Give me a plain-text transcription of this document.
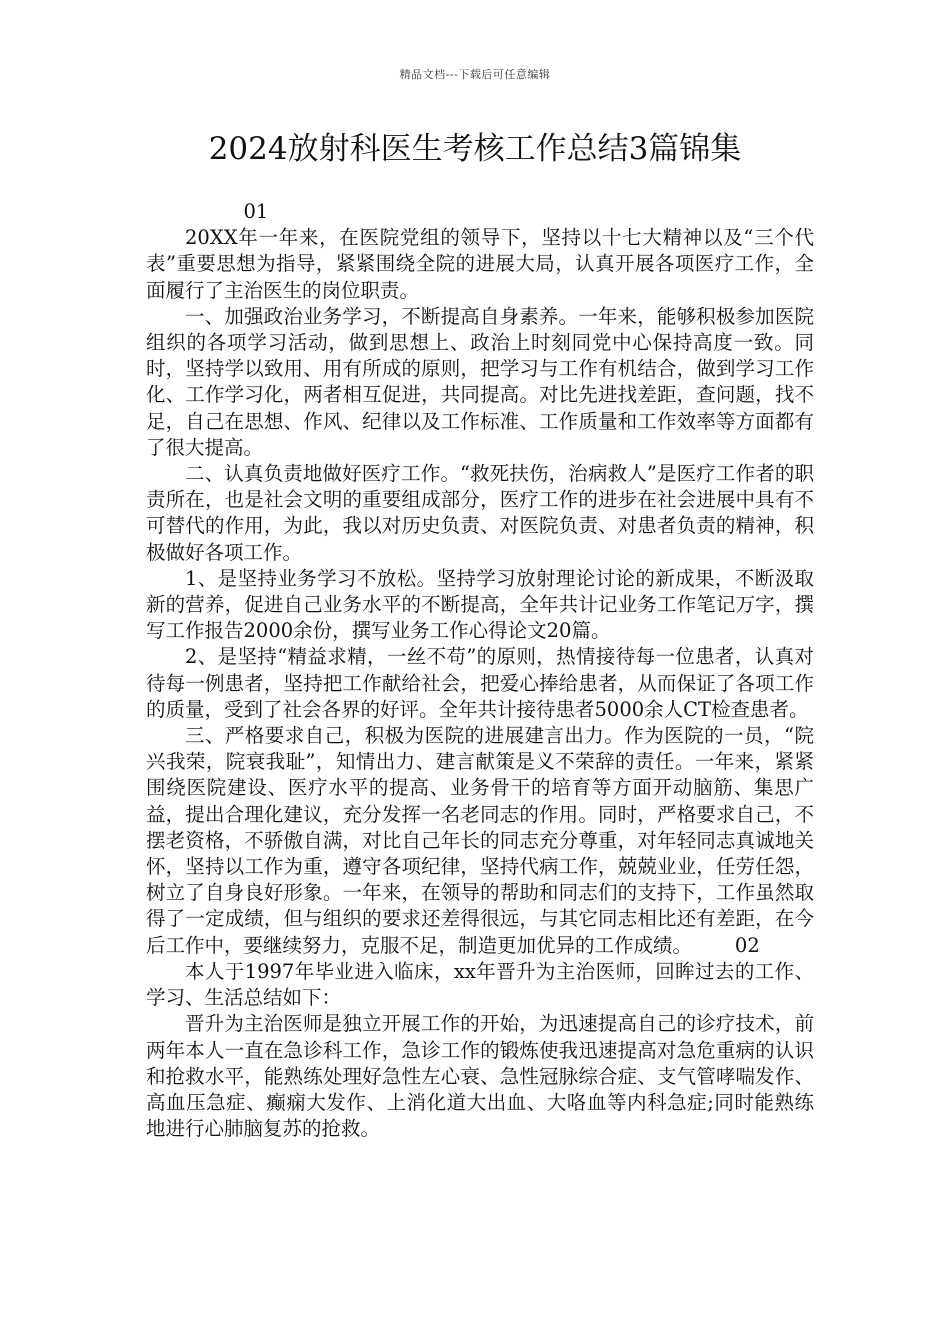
精品文档---下载后可任意编辑
2024放射科医生考核工作总结3篇锦集

01

20XX年一年来，在医院党组的领导下，坚持以十七大精神以及“三个代表”重要思想为指导，紧紧围绕全院的进展大局，认真开展各项医疗工作，全面履行了主治医生的岗位职责。

一、加强政治业务学习，不断提高自身素养。一年来，能够积极参加医院组织的各项学习活动，做到思想上、政治上时刻同党中心保持高度一致。同时，坚持学以致用、用有所成的原则，把学习与工作有机结合，做到学习工作化、工作学习化，两者相互促进，共同提高。对比先进找差距，查问题，找不足，自己在思想、作风、纪律以及工作标准、工作质量和工作效率等方面都有了很大提高。

二、认真负责地做好医疗工作。“救死扶伤，治病救人”是医疗工作者的职责所在，也是社会文明的重要组成部分，医疗工作的进步在社会进展中具有不可替代的作用，为此，我以对历史负责、对医院负责、对患者负责的精神，积极做好各项工作。

1、是坚持业务学习不放松。坚持学习放射理论讨论的新成果，不断汲取新的营养，促进自己业务水平的不断提高，全年共计记业务工作笔记万字，撰写工作报告2000余份，撰写业务工作心得论文20篇。

2、是坚持“精益求精，一丝不苟”的原则，热情接待每一位患者，认真对待每一例患者，坚持把工作献给社会，把爱心捧给患者，从而保证了各项工作的质量，受到了社会各界的好评。全年共计接待患者5000余人CT检查患者。

三、严格要求自己，积极为医院的进展建言出力。作为医院的一员，“院兴我荣，院衰我耻”，知情出力、建言献策是义不荣辞的责任。一年来，紧紧围绕医院建设、医疗水平的提高、业务骨干的培育等方面开动脑筋、集思广益，提出合理化建议，充分发挥一名老同志的作用。同时，严格要求自己，不摆老资格，不骄傲自满，对比自己年长的同志充分尊重，对年轻同志真诚地关怀，坚持以工作为重，遵守各项纪律，坚持代病工作，兢兢业业，任劳任怨，树立了自身良好形象。一年来，在领导的帮助和同志们的支持下，工作虽然取得了一定成绩，但与组织的要求还差得很远，与其它同志相比还有差距，在今后工作中，要继续努力，克服不足，制造更加优异的工作成绩。 02

本人于1997年毕业进入临床，xx年晋升为主治医师，回眸过去的工作、学习、生活总结如下：

晋升为主治医师是独立开展工作的开始，为迅速提高自己的诊疗技术，前两年本人一直在急诊科工作，急诊工作的锻炼使我迅速提高对急危重病的认识和抢救水平，能熟练处理好急性左心衰、急性冠脉综合症、支气管哮喘发作、高血压急症、癫痫大发作、上消化道大出血、大咯血等内科急症;同时能熟练地进行心肺脑复苏的抢救。
